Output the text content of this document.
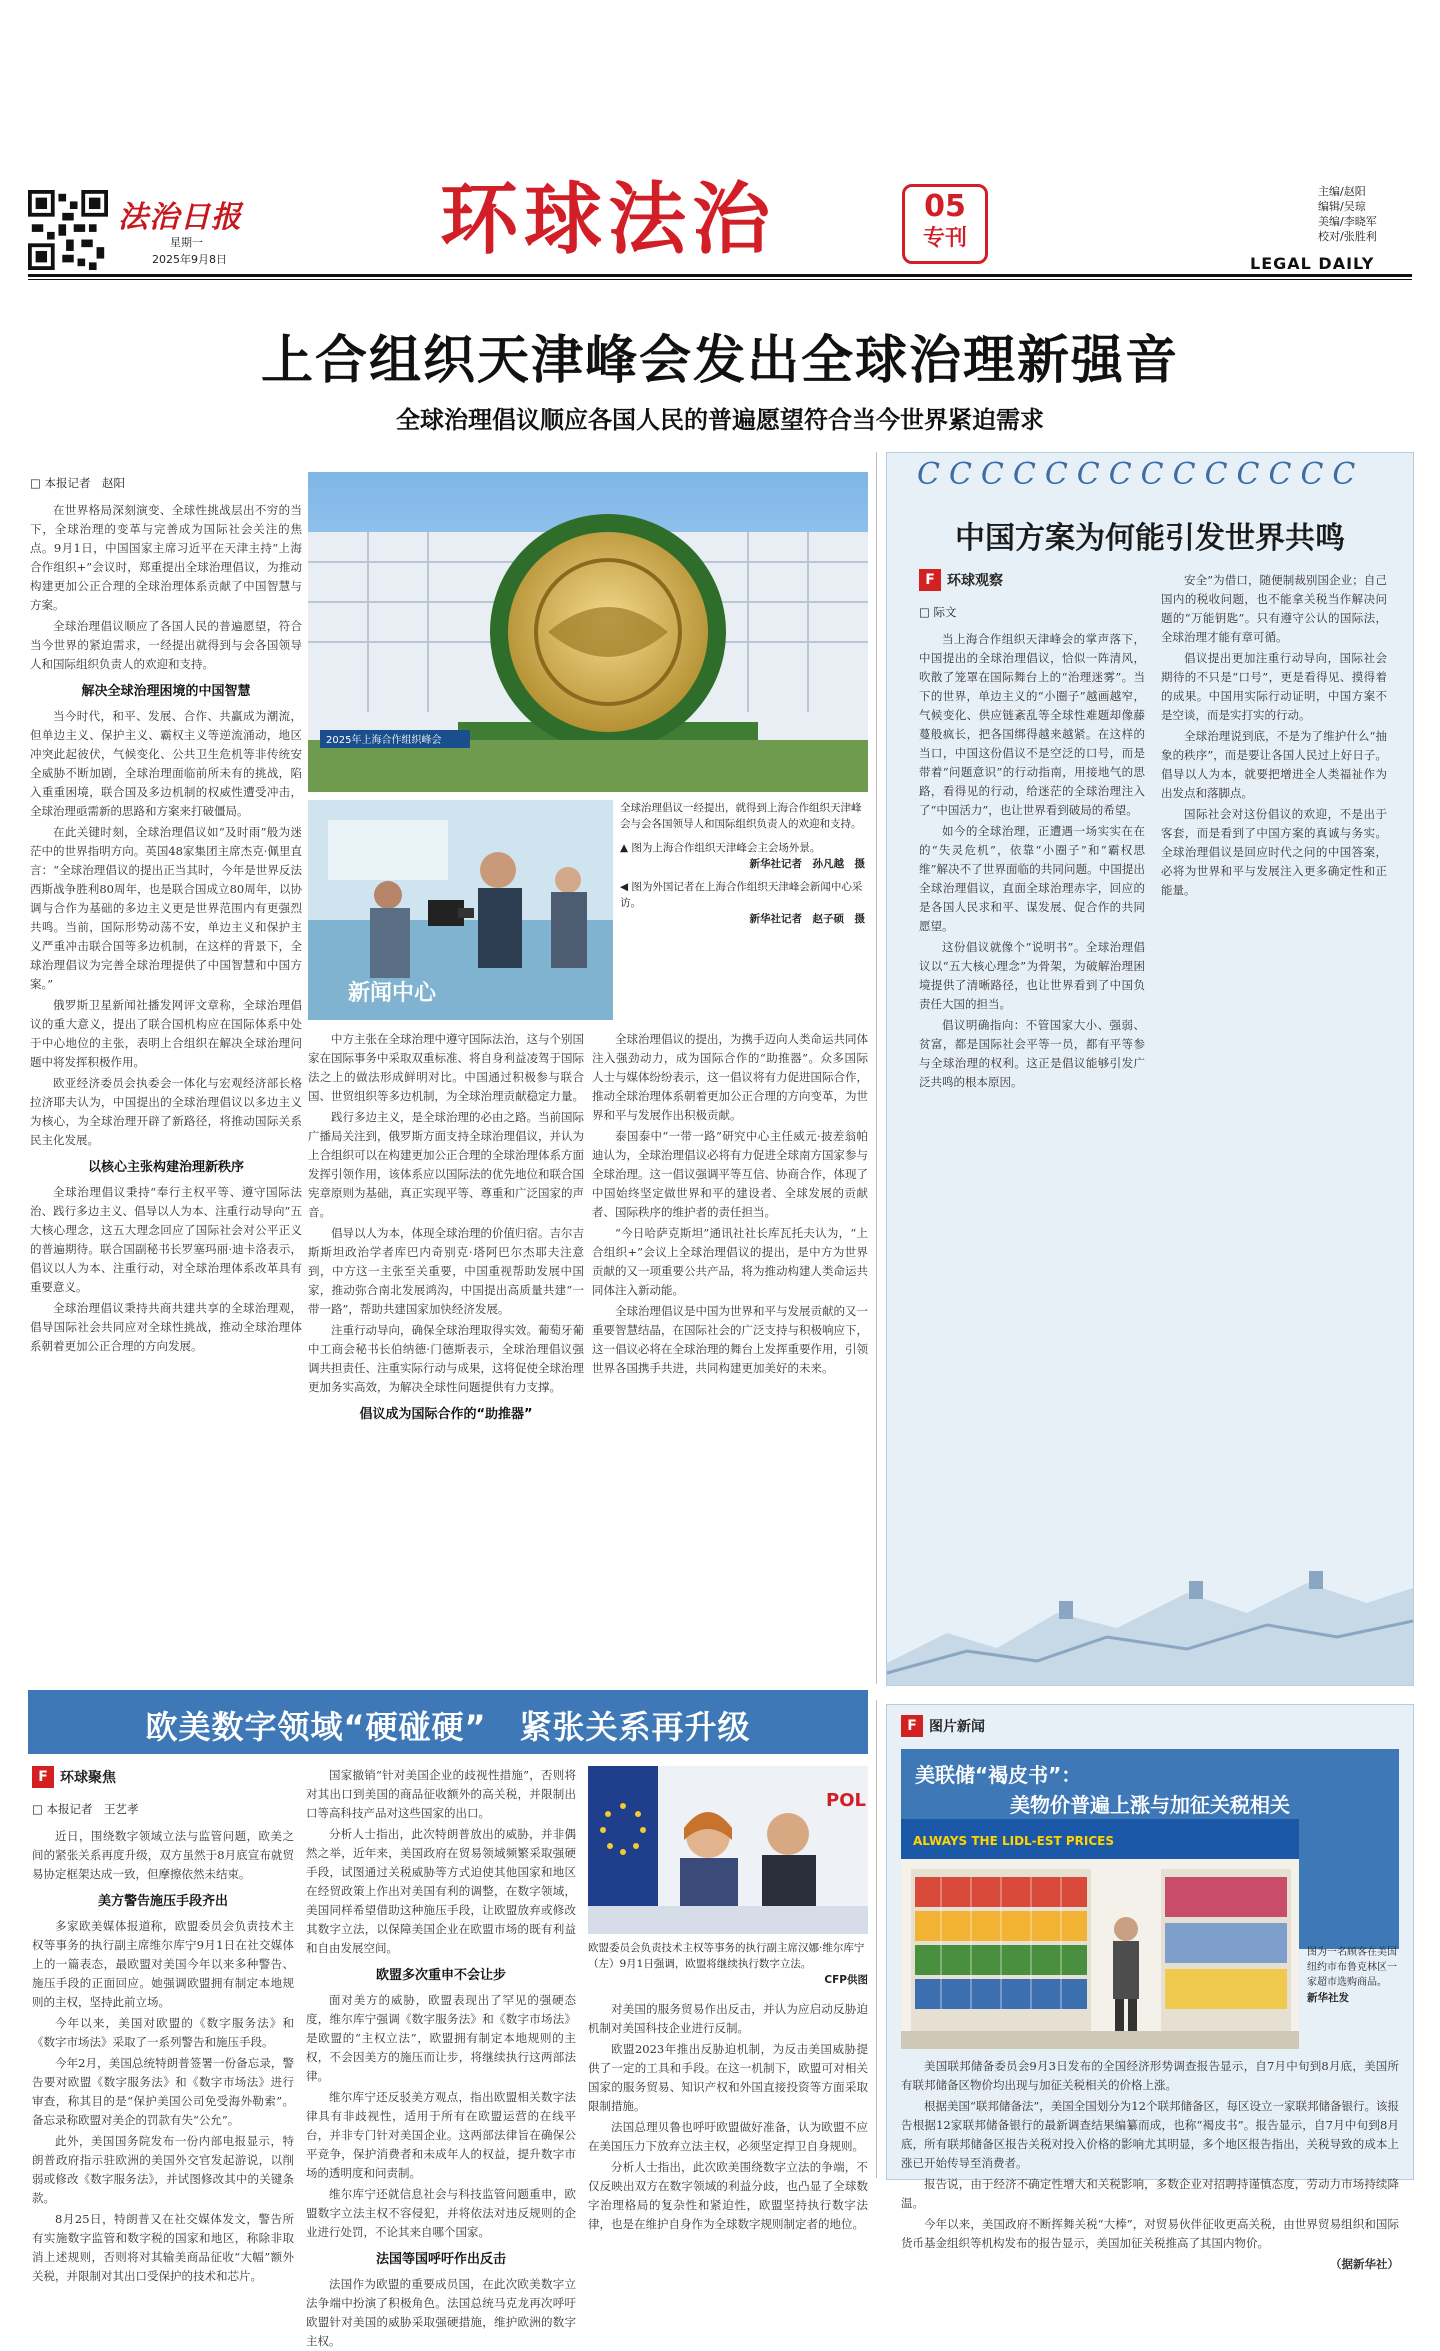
法治日报
星期一
2025年9月8日	环球法治	05
专刊
主编/赵阳
编辑/吴琼
美编/李晓军
校对/张胜利
LEGAL DAILY
上合组织天津峰会发出全球治理新强音
全球治理倡议顺应各国人民的普遍愿望符合当今世界紧迫需求
□ 本报记者　赵阳

在世界格局深刻演变、全球性挑战层出不穷的当下，全球治理的变革与完善成为国际社会关注的焦点。9月1日，中国国家主席习近平在天津主持“上海合作组织+”会议时，郑重提出全球治理倡议，为推动构建更加公正合理的全球治理体系贡献了中国智慧与方案。

全球治理倡议顺应了各国人民的普遍愿望，符合当今世界的紧迫需求，一经提出就得到与会各国领导人和国际组织负责人的欢迎和支持。

解决全球治理困境的中国智慧

当今时代，和平、发展、合作、共赢成为潮流，但单边主义、保护主义、霸权主义等逆流涌动，地区冲突此起彼伏，气候变化、公共卫生危机等非传统安全威胁不断加剧，全球治理面临前所未有的挑战，陷入重重困境，联合国及多边机制的权威性遭受冲击，全球治理亟需新的思路和方案来打破僵局。

在此关键时刻，全球治理倡议如“及时雨”般为迷茫中的世界指明方向。英国48家集团主席杰克·佩里直言：“全球治理倡议的提出正当其时，今年是世界反法西斯战争胜利80周年，也是联合国成立80周年，以协调与合作为基础的多边主义更是世界范围内有更强烈共鸣。当前，国际形势动荡不安，单边主义和保护主义严重冲击联合国等多边机制，在这样的背景下，全球治理倡议为完善全球治理提供了中国智慧和中国方案。”

俄罗斯卫星新闻社播发网评文章称，全球治理倡议的重大意义，提出了联合国机构应在国际体系中处于中心地位的主张，表明上合组织在解决全球治理问题中将发挥积极作用。

欧亚经济委员会执委会一体化与宏观经济部长格拉济耶夫认为，中国提出的全球治理倡议以多边主义为核心，为全球治理开辟了新路径，将推动国际关系民主化发展。

以核心主张构建治理新秩序

全球治理倡议秉持“奉行主权平等、遵守国际法治、践行多边主义、倡导以人为本、注重行动导向”五大核心理念，这五大理念回应了国际社会对公平正义的普遍期待。联合国副秘书长罗塞玛丽·迪卡洛表示，倡议以人为本、注重行动，对全球治理体系改革具有重要意义。

全球治理倡议秉持共商共建共享的全球治理观，倡导国际社会共同应对全球性挑战，推动全球治理体系朝着更加公正合理的方向发展。

2025年上海合作组织峰会
全球治理倡议一经提出，就得到上海合作组织天津峰会与会各国领导人和国际组织负责人的欢迎和支持。
▲ 图为上海合作组织天津峰会主会场外景。
新华社记者　孙凡越　摄
◀ 图为外国记者在上海合作组织天津峰会新闻中心采访。
新华社记者　赵子硕　摄
新闻中心

中方主张在全球治理中遵守国际法治，这与个别国家在国际事务中采取双重标准、将自身利益凌驾于国际法之上的做法形成鲜明对比。中国通过积极参与联合国、世贸组织等多边机制，为全球治理贡献稳定力量。

践行多边主义，是全球治理的必由之路。当前国际广播局关注到，俄罗斯方面支持全球治理倡议，并认为上合组织可以在构建更加公正合理的全球治理体系方面发挥引领作用，该体系应以国际法的优先地位和联合国宪章原则为基础，真正实现平等、尊重和广泛国家的声音。

倡导以人为本，体现全球治理的价值归宿。吉尔吉斯斯坦政治学者库巴内奇别克·塔阿巴尔杰耶夫注意到，中方这一主张至关重要，中国重视帮助发展中国家，推动弥合南北发展鸿沟，中国提出高质量共建“一带一路”，帮助共建国家加快经济发展。

注重行动导向，确保全球治理取得实效。葡萄牙葡中工商会秘书长伯纳德·门德斯表示，全球治理倡议强调共担责任、注重实际行动与成果，这将促使全球治理更加务实高效，为解决全球性问题提供有力支撑。

倡议成为国际合作的“助推器”

全球治理倡议的提出，为携手迈向人类命运共同体注入强劲动力，成为国际合作的“助推器”。众多国际人士与媒体纷纷表示，这一倡议将有力促进国际合作，推动全球治理体系朝着更加公正合理的方向变革，为世界和平与发展作出积极贡献。

泰国泰中“一带一路”研究中心主任威元·披差翁帕迪认为，全球治理倡议必将有力促进全球南方国家参与全球治理。这一倡议强调平等互信、协商合作，体现了中国始终坚定做世界和平的建设者、全球发展的贡献者、国际秩序的维护者的责任担当。

“今日哈萨克斯坦”通讯社社长库瓦托夫认为，“上合组织+”会议上全球治理倡议的提出，是中方为世界贡献的又一项重要公共产品，将为推动构建人类命运共同体注入新动能。

全球治理倡议是中国为世界和平与发展贡献的又一重要智慧结晶，在国际社会的广泛支持与积极响应下，这一倡议必将在全球治理的舞台上发挥重要作用，引领世界各国携手共进，共同构建更加美好的未来。

CCCCCCCCCCCCCC
中国方案为何能引发世界共鸣
F 环球观察
□ 际文

当上海合作组织天津峰会的掌声落下，中国提出的全球治理倡议，恰似一阵清风，吹散了笼罩在国际舞台上的“治理迷雾”。当下的世界，单边主义的“小圈子”越画越窄，气候变化、供应链紊乱等全球性难题却像藤蔓般疯长，把各国绑得越来越紧。在这样的当口，中国这份倡议不是空泛的口号，而是带着“问题意识”的行动指南，用接地气的思路，看得见的行动，给迷茫的全球治理注入了“中国活力”，也让世界看到破局的希望。

如今的全球治理，正遭遇一场实实在在的“失灵危机”，依靠“小圈子”和“霸权思维”解决不了世界面临的共同问题。中国提出全球治理倡议，直面全球治理赤字，回应的是各国人民求和平、谋发展、促合作的共同愿望。

这份倡议就像个“说明书”。全球治理倡议以“五大核心理念”为骨架，为破解治理困境提供了清晰路径，也让世界看到了中国负责任大国的担当。

倡议明确指向：不管国家大小、强弱、贫富，都是国际社会平等一员，都有平等参与全球治理的权利。这正是倡议能够引发广泛共鸣的根本原因。

安全”为借口，随便制裁别国企业；自己国内的税收问题，也不能拿关税当作解决问题的“万能钥匙”。只有遵守公认的国际法，全球治理才能有章可循。

倡议提出更加注重行动导向，国际社会期待的不只是“口号”，更是看得见、摸得着的成果。中国用实际行动证明，中国方案不是空谈，而是实打实的行动。

全球治理说到底，不是为了维护什么“抽象的秩序”，而是要让各国人民过上好日子。倡导以人为本，就要把增进全人类福祉作为出发点和落脚点。

国际社会对这份倡议的欢迎，不是出于客套，而是看到了中国方案的真诚与务实。全球治理倡议是回应时代之问的中国答案，必将为世界和平与发展注入更多确定性和正能量。

欧美数字领域“硬碰硬”　紧张关系再升级
F 环球聚焦
□ 本报记者　王艺孝

近日，围绕数字领域立法与监管问题，欧美之间的紧张关系再度升级，双方虽然于8月底宣布就贸易协定框架达成一致，但摩擦依然未结束。

美方警告施压手段齐出

多家欧美媒体报道称，欧盟委员会负责技术主权等事务的执行副主席维尔库宁9月1日在社交媒体上的一篇表态，最欧盟对美国今年以来多种警告、施压手段的正面回应。她强调欧盟拥有制定本地规则的主权，坚持此前立场。

今年以来，美国对欧盟的《数字服务法》和《数字市场法》采取了一系列警告和施压手段。

今年2月，美国总统特朗普签署一份备忘录，警告要对欧盟《数字服务法》和《数字市场法》进行审查，称其目的是“保护美国公司免受海外勒索”。备忘录称欧盟对美企的罚款有失“公允”。

此外，美国国务院发布一份内部电报显示，特朗普政府指示驻欧洲的美国外交官发起游说，以削弱或修改《数字服务法》，并试图修改其中的关键条款。

8月25日，特朗普又在社交媒体发文，警告所有实施数字监管和数字税的国家和地区，称除非取消上述规则，否则将对其输美商品征收“大幅”额外关税，并限制对其出口受保护的技术和芯片。

国家撤销“针对美国企业的歧视性措施”，否则将对其出口到美国的商品征收额外的高关税，并限制出口等高科技产品对这些国家的出口。

分析人士指出，此次特朗普放出的威胁，并非偶然之举，近年来，美国政府在贸易领域频繁采取强硬手段，试图通过关税威胁等方式迫使其他国家和地区在经贸政策上作出对美国有利的调整，在数字领域，美国同样希望借助这种施压手段，让欧盟放弃或修改其数字立法，以保障美国企业在欧盟市场的既有利益和自由发展空间。

欧盟多次重申不会让步

面对美方的威胁，欧盟表现出了罕见的强硬态度，维尔库宁强调《数字服务法》和《数字市场法》是欧盟的“主权立法”，欧盟拥有制定本地规则的主权，不会因美方的施压而让步，将继续执行这两部法律。

维尔库宁还反驳美方观点，指出欧盟相关数字法律具有非歧视性，适用于所有在欧盟运营的在线平台，并非专门针对美国企业。这两部法律旨在确保公平竞争，保护消费者和未成年人的权益，提升数字市场的透明度和问责制。

维尔库宁还就信息社会与科技监管问题重申，欧盟数字立法主权不容侵犯，并将依法对违反规则的企业进行处罚，不论其来自哪个国家。

法国等国呼吁作出反击

法国作为欧盟的重要成员国，在此次欧美数字立法争端中扮演了积极角色。法国总统马克龙再次呼吁欧盟针对美国的威胁采取强硬措施，维护欧洲的数字主权。

POL
欧盟委员会负责技术主权等事务的执行副主席汉娜·维尔库宁（左）9月1日强调，欧盟将继续执行数字立法。
CFP供图

对美国的服务贸易作出反击，并认为应启动反胁迫机制对美国科技企业进行反制。

欧盟2023年推出反胁迫机制，为反击美国威胁提供了一定的工具和手段。在这一机制下，欧盟可对相关国家的服务贸易、知识产权和外国直接投资等方面采取限制措施。

法国总理贝鲁也呼吁欧盟做好准备，认为欧盟不应在美国压力下放弃立法主权，必须坚定捍卫自身规则。

分析人士指出，此次欧美围绕数字立法的争端，不仅反映出双方在数字领域的利益分歧，也凸显了全球数字治理格局的复杂性和紧迫性，欧盟坚持执行数字法律，也是在维护自身作为全球数字规则制定者的地位。

F 图片新闻
美联储“褐皮书”：
美物价普遍上涨与加征关税相关
ALWAYS THE LIDL-EST PRICES
图为一名顾客在美国纽约市布鲁克林区一家超市选购商品。
新华社发

美国联邦储备委员会9月3日发布的全国经济形势调查报告显示，自7月中旬到8月底，美国所有联邦储备区物价均出现与加征关税相关的价格上涨。

根据美国“联邦储备法”，美国全国划分为12个联邦储备区，每区设立一家联邦储备银行。该报告根据12家联邦储备银行的最新调查结果编纂而成，也称“褐皮书”。报告显示，自7月中旬到8月底，所有联邦储备区报告关税对投入价格的影响尤其明显，多个地区报告指出，关税导致的成本上涨已开始传导至消费者。

报告说，由于经济不确定性增大和关税影响，多数企业对招聘持谨慎态度，劳动力市场持续降温。

今年以来，美国政府不断挥舞关税“大棒”，对贸易伙伴征收更高关税，由世界贸易组织和国际货币基金组织等机构发布的报告显示，美国加征关税推高了其国内物价。

（据新华社）
